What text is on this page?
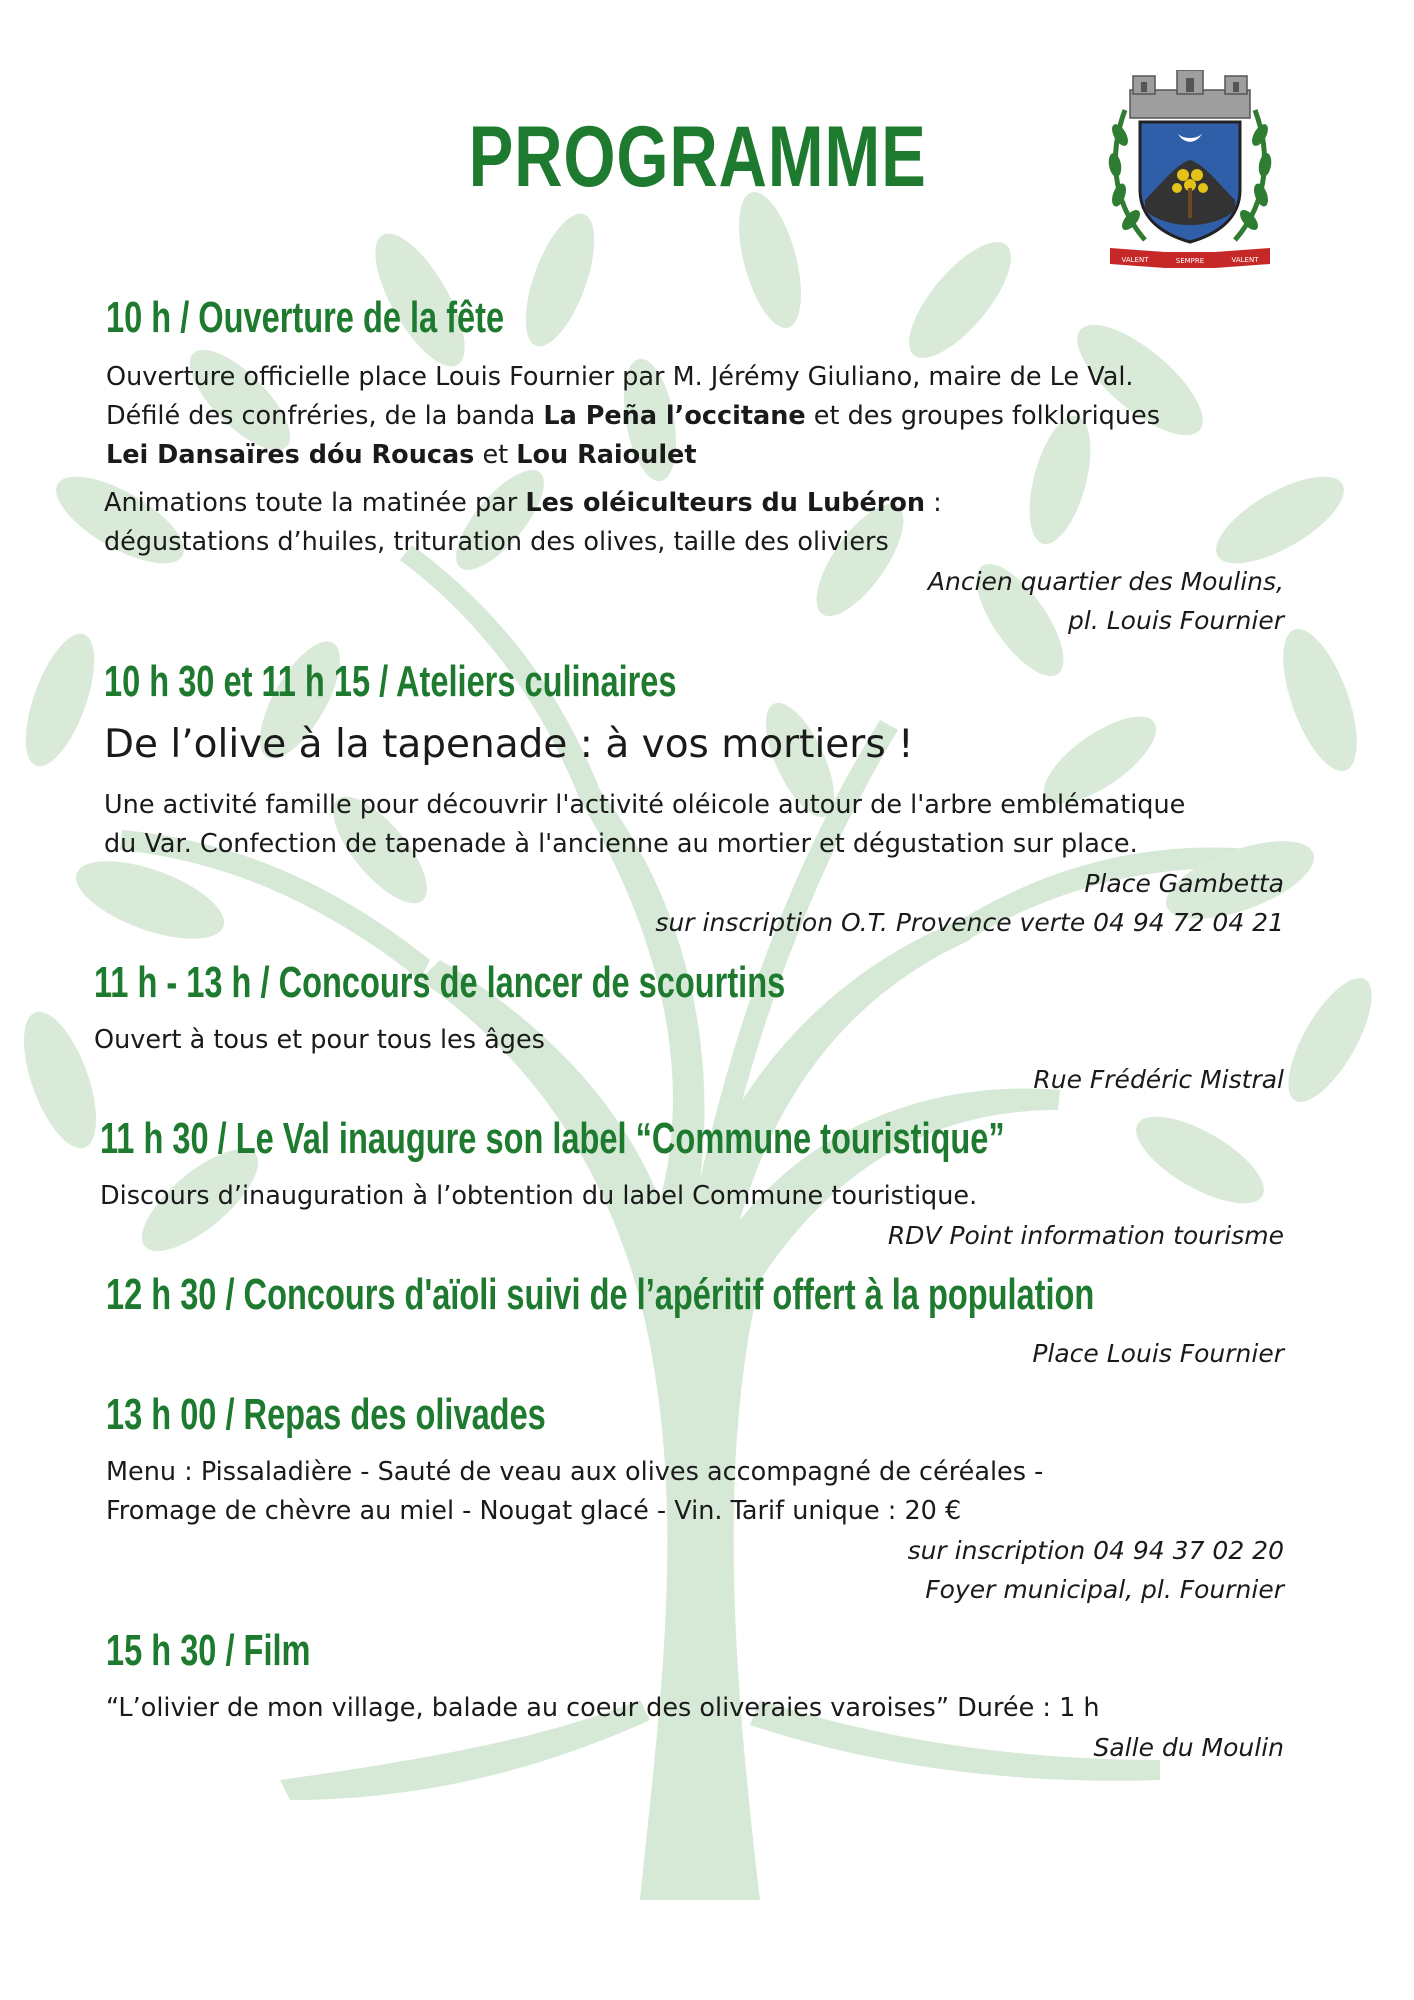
PROGRAMME
VALENT	SEMPRE	VALENT
10 h / Ouverture de la fête
Ouverture officielle place Louis Fournier par M. Jérémy Giuliano, maire de Le Val.
Défilé des confréries, de la banda La Peña l’occitane et des groupes folkloriques
Lei Dansaïres dóu Roucas et Lou Raioulet
Animations toute la matinée par Les oléiculteurs du Lubéron :
dégustations d’huiles, trituration des olives, taille des oliviers
Ancien quartier des Moulins,
pl. Louis Fournier
10 h 30 et 11 h 15 / Ateliers culinaires
De l’olive à la tapenade : à vos mortiers !
Une activité famille pour découvrir l'activité oléicole autour de l'arbre emblématique
du Var. Confection de tapenade à l'ancienne au mortier et dégustation sur place.
Place Gambetta
sur inscription O.T. Provence verte 04 94 72 04 21
11 h - 13 h / Concours de lancer de scourtins
Ouvert à tous et pour tous les âges
Rue Frédéric Mistral
11 h 30 / Le Val inaugure son label “Commune touristique”
Discours d’inauguration à l’obtention du label Commune touristique.
RDV Point information tourisme
12 h 30 / Concours d'aïoli suivi de l’apéritif offert à la population
Place Louis Fournier
13 h 00 / Repas des olivades
Menu : Pissaladière - Sauté de veau aux olives accompagné de céréales -
Fromage de chèvre au miel - Nougat glacé - Vin. Tarif unique : 20 €
sur inscription 04 94 37 02 20
Foyer municipal, pl. Fournier
15 h 30 / Film
“L’olivier de mon village, balade au coeur des oliveraies varoises” Durée : 1 h
Salle du Moulin
